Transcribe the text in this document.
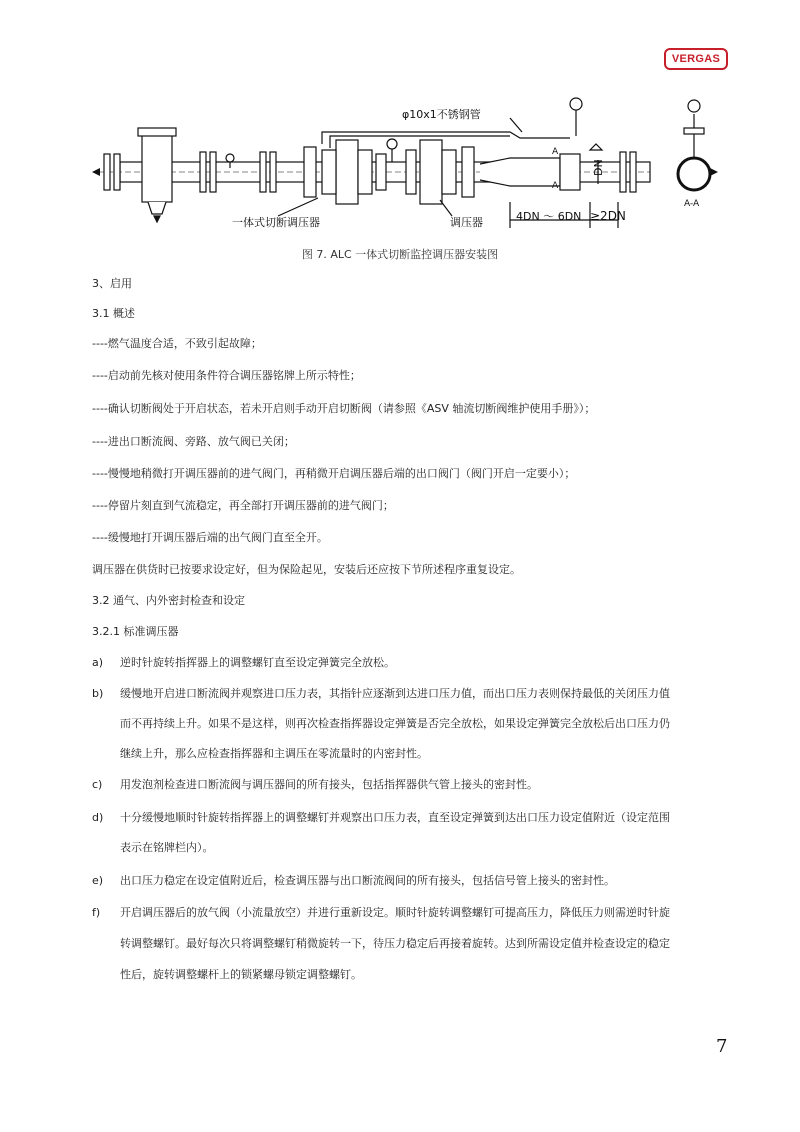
VERGAS
φ10x1不锈钢管
一体式切断调压器	调压器	4DN ～ 6DN ≥2DN
DN
A
A
A-A
图 7. ALC 一体式切断监控调压器安装图
3、启用
3.1 概述
----燃气温度合适，不致引起故障；
----启动前先核对使用条件符合调压器铭牌上所示特性；
----确认切断阀处于开启状态，若未开启则手动开启切断阀（请参照《ASV 轴流切断阀维护使用手册》）；
----进出口断流阀、旁路、放气阀已关闭；
----慢慢地稍微打开调压器前的进气阀门，再稍微开启调压器后端的出口阀门（阀门开启一定要小）；
----停留片刻直到气流稳定，再全部打开调压器前的进气阀门；
----缓慢地打开调压器后端的出气阀门直至全开。
调压器在供货时已按要求设定好，但为保险起见，安装后还应按下节所述程序重复设定。
3.2 通气、内外密封检查和设定
3.2.1 标准调压器
a) 逆时针旋转指挥器上的调整螺钉直至设定弹簧完全放松。
b) 缓慢地开启进口断流阀并观察进口压力表，其指针应逐渐到达进口压力值，而出口压力表则保持最低的关闭压力值
而不再持续上升。如果不是这样，则再次检查指挥器设定弹簧是否完全放松，如果设定弹簧完全放松后出口压力仍
继续上升，那么应检查指挥器和主调压在零流量时的内密封性。
c) 用发泡剂检查进口断流阀与调压器间的所有接头，包括指挥器供气管上接头的密封性。
d) 十分缓慢地顺时针旋转指挥器上的调整螺钉并观察出口压力表，直至设定弹簧到达出口压力设定值附近（设定范围
表示在铭牌栏内）。
e) 出口压力稳定在设定值附近后，检查调压器与出口断流阀间的所有接头，包括信号管上接头的密封性。
f) 开启调压器后的放气阀（小流量放空）并进行重新设定。顺时针旋转调整螺钉可提高压力，降低压力则需逆时针旋
转调整螺钉。最好每次只将调整螺钉稍微旋转一下，待压力稳定后再接着旋转。达到所需设定值并检查设定的稳定
性后，旋转调整螺杆上的锁紧螺母锁定调整螺钉。
7
